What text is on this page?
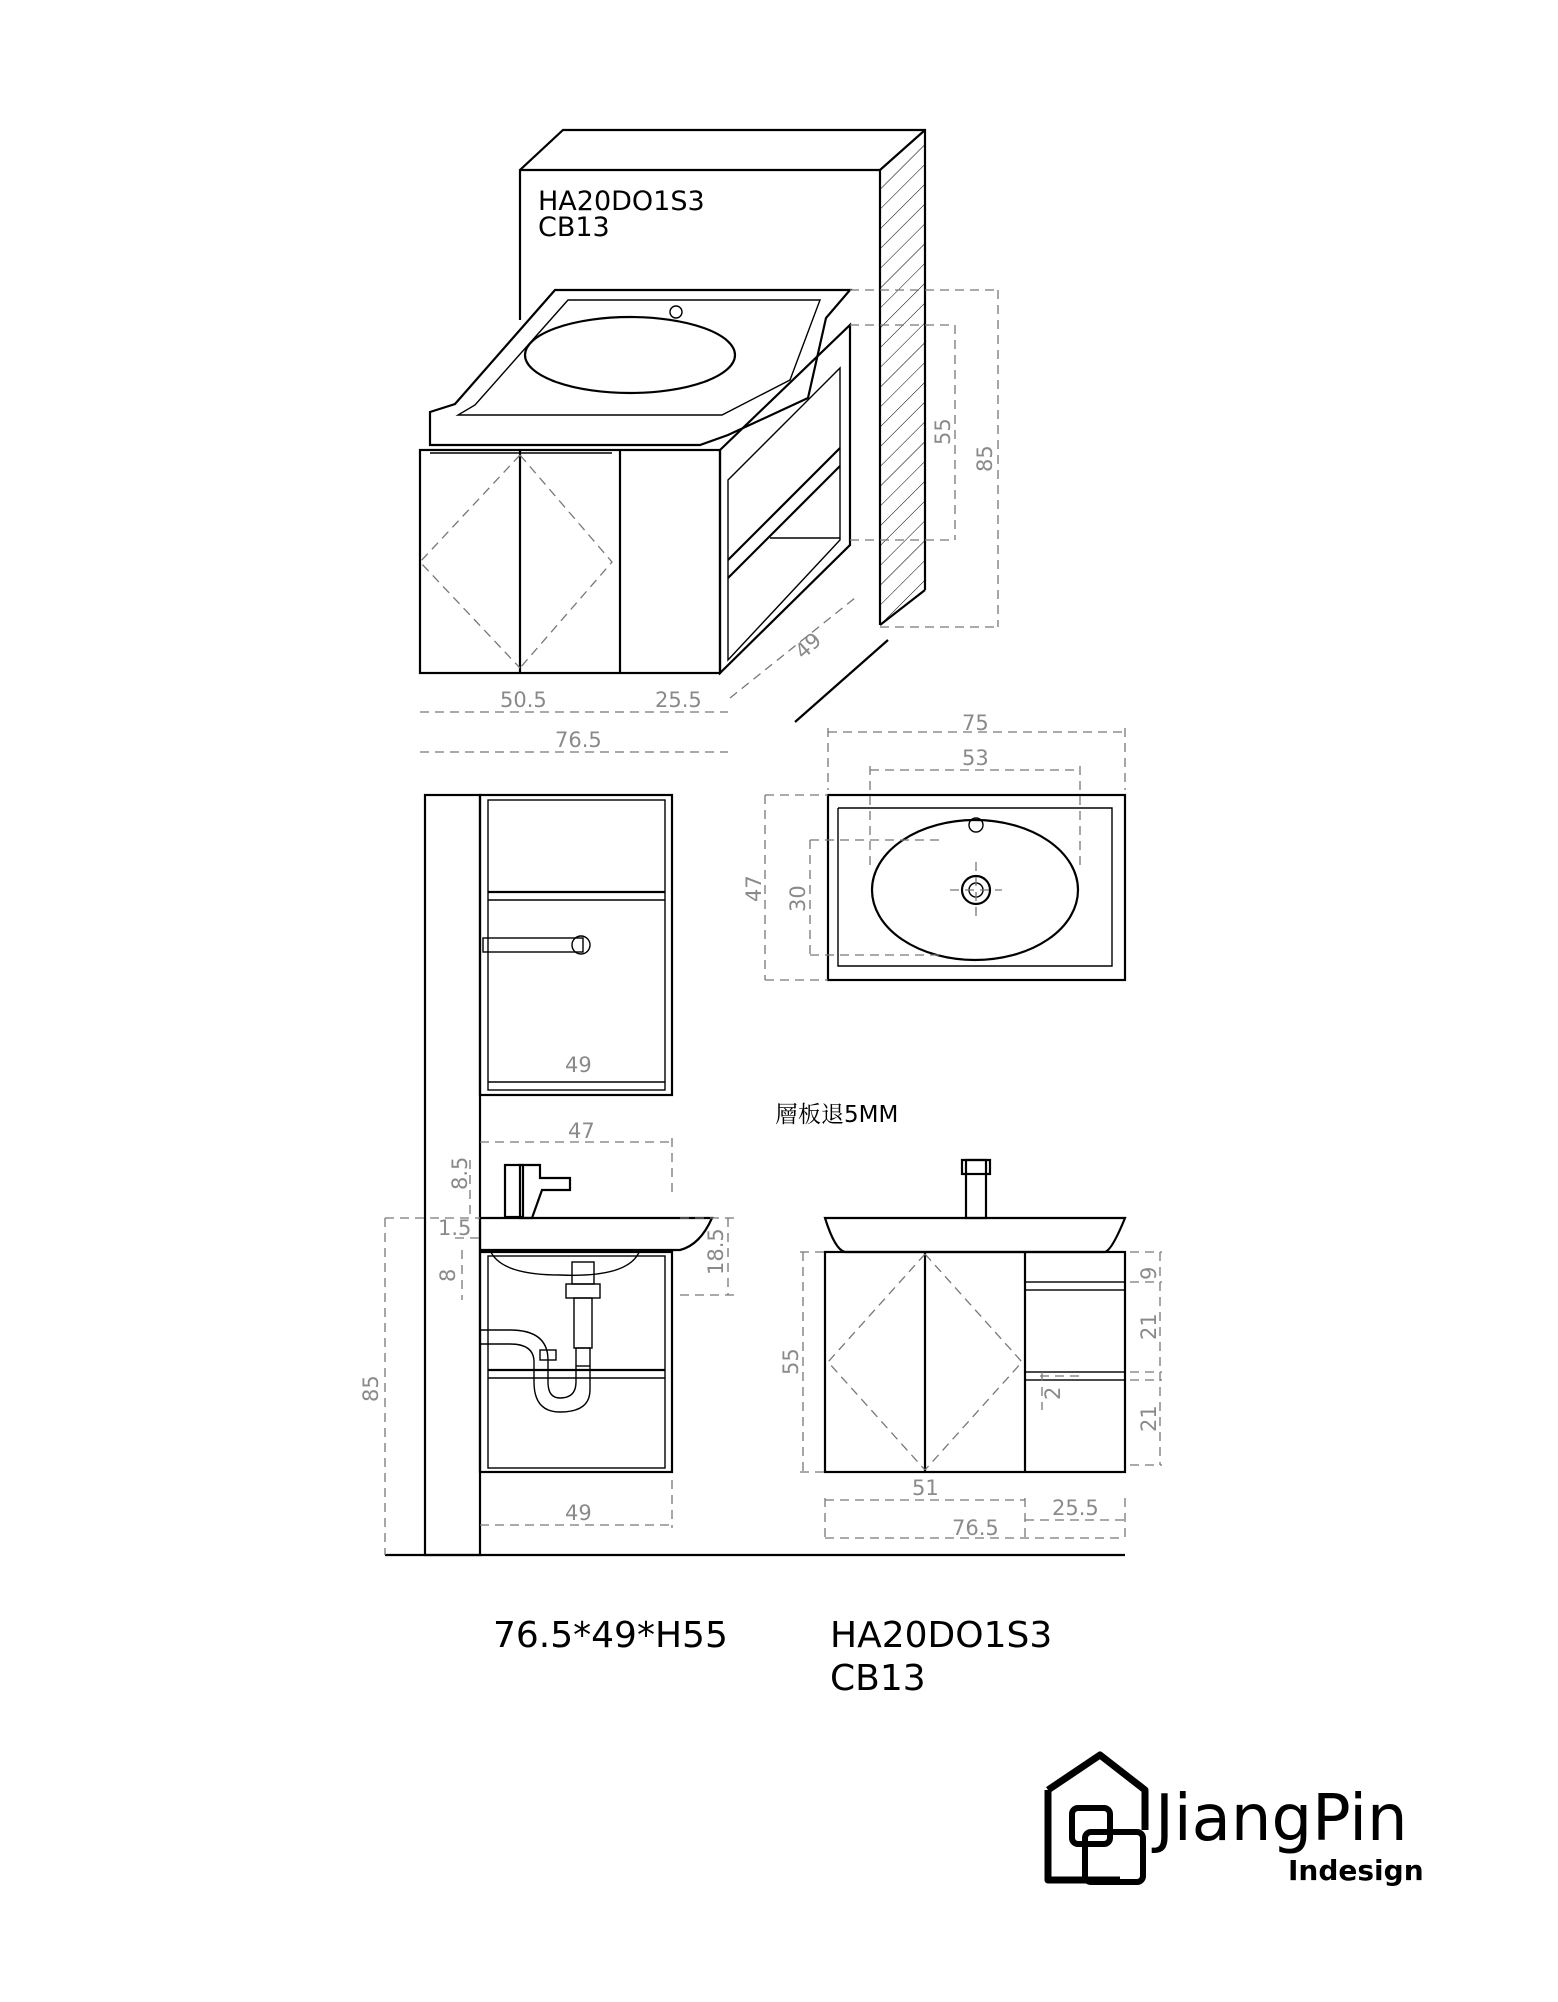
HA20DO1S3
CB13
55
85
49
50.5	25.5
76.5
75
53
47 30
49
47
8.5
1.5
8
18.5
85
49
層板退5MM
9
21
21
2
55
51
25.5
76.5
76.5*49*H55	HA20DO1S3
CB13
JiangPin
Indesign
